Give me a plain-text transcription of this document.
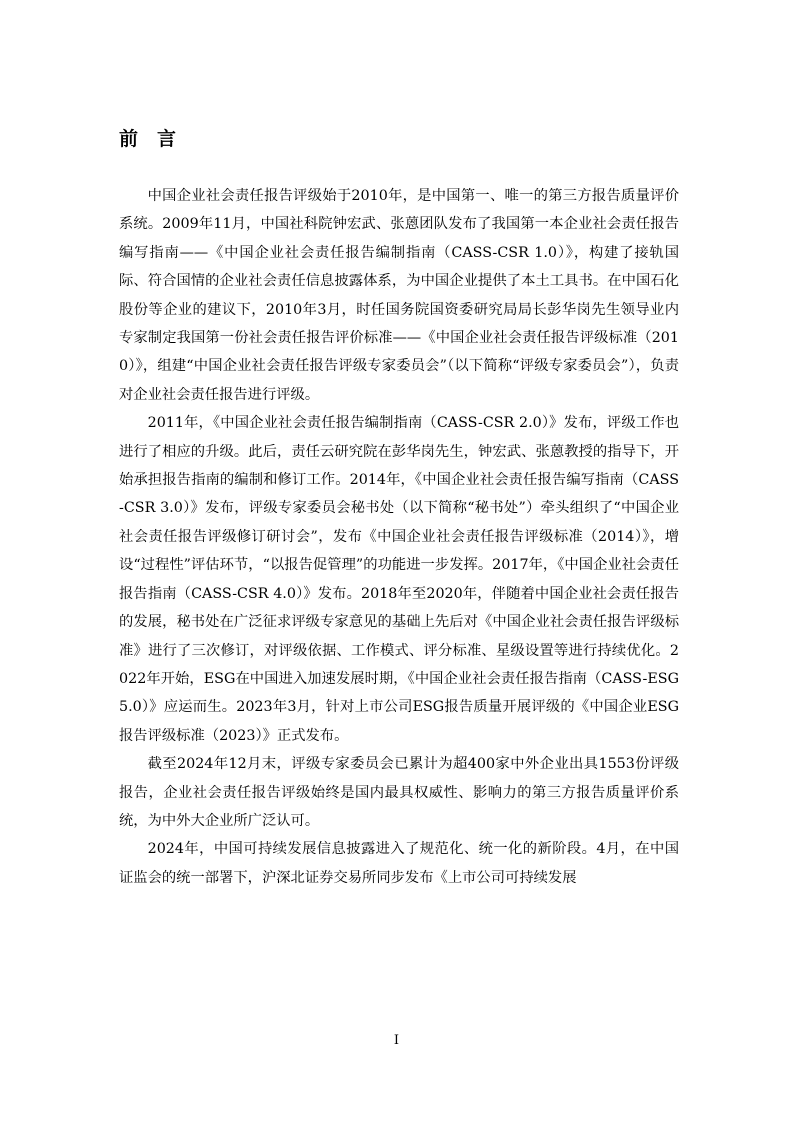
前言

中国企业社会责任报告评级始于2010年，是中国第一、唯一的第三方报告质量评价系统。2009年11月，中国社科院钟宏武、张蒽团队发布了我国第一本企业社会责任报告编写指南——《中国企业社会责任报告编制指南（CASS-CSR 1.0）》，构建了接轨国际、符合国情的企业社会责任信息披露体系，为中国企业提供了本土工具书。在中国石化股份等企业的建议下，2010年3月，时任国务院国资委研究局局长彭华岗先生领导业内专家制定我国第一份社会责任报告评价标准——《中国企业社会责任报告评级标准（2010）》，组建“中国企业社会责任报告评级专家委员会”（以下简称“评级专家委员会”），负责对企业社会责任报告进行评级。

2011年，《中国企业社会责任报告编制指南（CASS-CSR 2.0）》发布，评级工作也进行了相应的升级。此后，责任云研究院在彭华岗先生，钟宏武、张蒽教授的指导下，开始承担报告指南的编制和修订工作。2014年，《中国企业社会责任报告编写指南（CASS-CSR 3.0）》发布，评级专家委员会秘书处（以下简称“秘书处”）牵头组织了“中国企业社会责任报告评级修订研讨会”，发布《中国企业社会责任报告评级标准（2014）》，增设“过程性”评估环节，“以报告促管理”的功能进一步发挥。2017年，《中国企业社会责任报告指南（CASS-CSR 4.0）》发布。2018年至2020年，伴随着中国企业社会责任报告的发展，秘书处在广泛征求评级专家意见的基础上先后对《中国企业社会责任报告评级标准》进行了三次修订，对评级依据、工作模式、评分标准、星级设置等进行持续优化。2022年开始，ESG在中国进入加速发展时期，《中国企业社会责任报告指南（CASS-ESG 5.0）》应运而生。2023年3月，针对上市公司ESG报告质量开展评级的《中国企业ESG报告评级标准（2023）》正式发布。

截至2024年12月末，评级专家委员会已累计为超400家中外企业出具1553份评级报告，企业社会责任报告评级始终是国内最具权威性、影响力的第三方报告质量评价系统，为中外大企业所广泛认可。

2024年，中国可持续发展信息披露进入了规范化、统一化的新阶段。4月，在中国证监会的统一部署下，沪深北证券交易所同步发布《上市公司可持续发展

I
